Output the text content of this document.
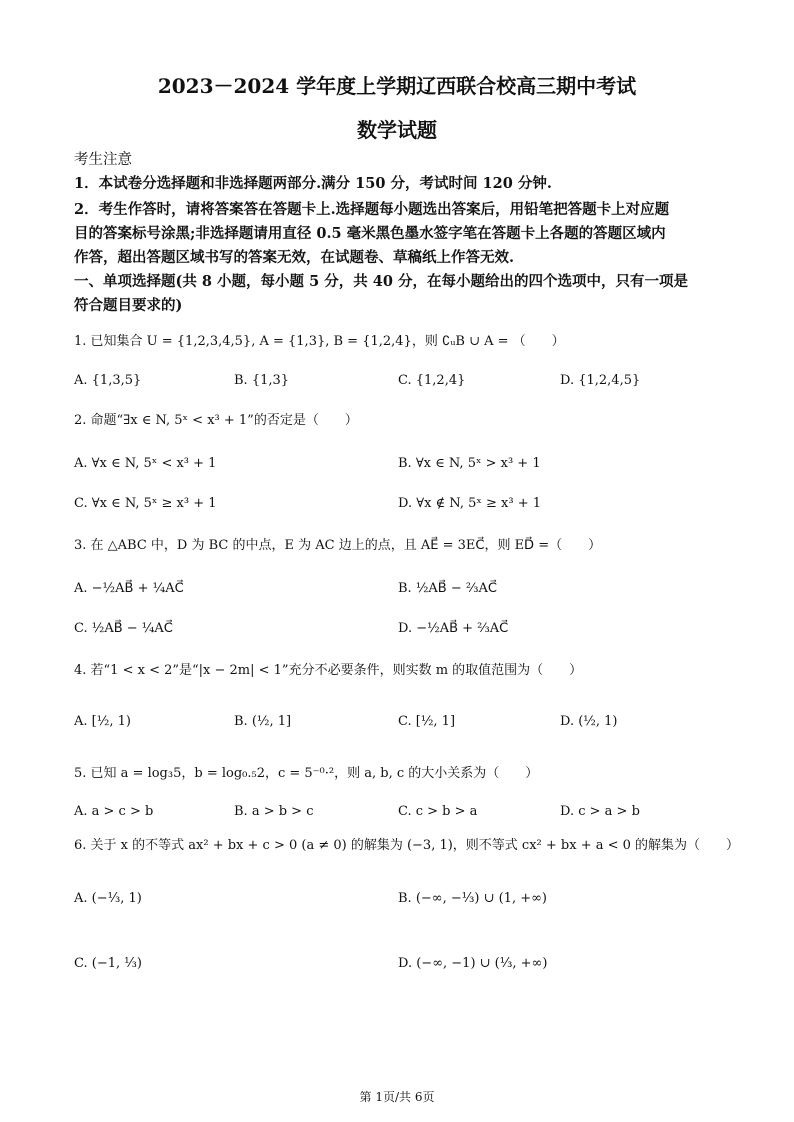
2023－2024 学年度上学期辽西联合校高三期中考试
数学试题
考生注意
1．本试卷分选择题和非选择题两部分.满分 150 分，考试时间 120 分钟.
2．考生作答时，请将答案答在答题卡上.选择题每小题选出答案后，用铅笔把答题卡上对应题
目的答案标号涂黑;非选择题请用直径 0.5 毫米黑色墨水签字笔在答题卡上各题的答题区域内
作答，超出答题区域书写的答案无效，在试题卷、草稿纸上作答无效.
一、单项选择题(共 8 小题，每小题 5 分，共 40 分，在每小题给出的四个选项中，只有一项是
符合题目要求的)
1. 已知集合 U = {1,2,3,4,5}, A = {1,3}, B = {1,2,4}，则 ∁ᵤB ∪ A = （　　）
A. {1,3,5}	B. {1,3}	C. {1,2,4}	D. {1,2,4,5}
2. 命题“∃x ∈ N, 5ˣ < x³ + 1”的否定是（　　）
A. ∀x ∈ N, 5ˣ < x³ + 1	B. ∀x ∈ N, 5ˣ > x³ + 1
C. ∀x ∈ N, 5ˣ ≥ x³ + 1	D. ∀x ∉ N, 5ˣ ≥ x³ + 1
3. 在 △ABC 中，D 为 BC 的中点，E 为 AC 边上的点，且 AE⃗ = 3EC⃗，则 ED⃗ =（　　）
A. −½AB⃗ + ¼AC⃗	B. ½AB⃗ − ⅔AC⃗
C. ½AB⃗ − ¼AC⃗	D. −½AB⃗ + ⅔AC⃗
4. 若“1 < x < 2”是“|x − 2m| < 1”充分不必要条件，则实数 m 的取值范围为（　　）
A. [½, 1)	B. (½, 1]	C. [½, 1]	D. (½, 1)
5. 已知 a = log₃5，b = log₀.₅2，c = 5⁻⁰·²，则 a, b, c 的大小关系为（　　）
A. a > c > b	B. a > b > c	C. c > b > a	D. c > a > b
6. 关于 x 的不等式 ax² + bx + c > 0 (a ≠ 0) 的解集为 (−3, 1)，则不等式 cx² + bx + a < 0 的解集为（　　）
A. (−⅓, 1)	B. (−∞, −⅓) ∪ (1, +∞)
C. (−1, ⅓)	D. (−∞, −1) ∪ (⅓, +∞)
第 1页/共 6页
